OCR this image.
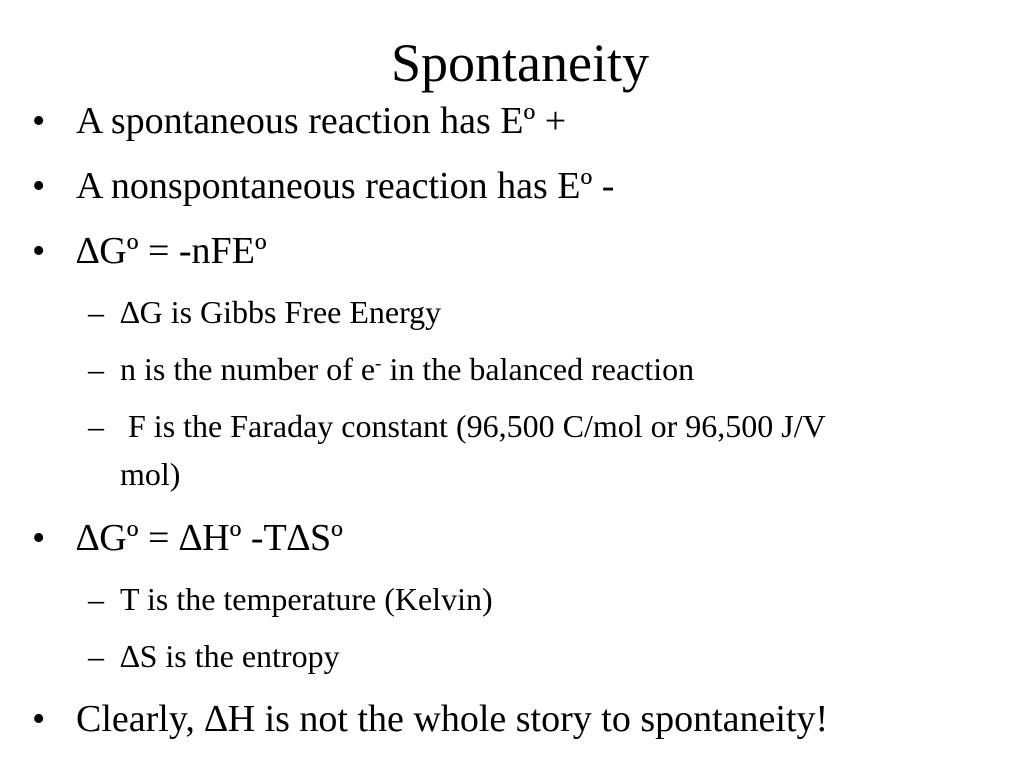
Spontaneity
• A spontaneous reaction has Eº +
• A nonspontaneous reaction has Eº -
• ∆Gº = -nFEº
– ∆G is Gibbs Free Energy
– n is the number of e- in the balanced reaction
– F is the Faraday constant (96,500 C/mol or 96,500 J/V
mol)
• ∆Gº = ∆Hº -T∆Sº
– T is the temperature (Kelvin)
– ∆S is the entropy
• Clearly, ∆H is not the whole story to spontaneity!
